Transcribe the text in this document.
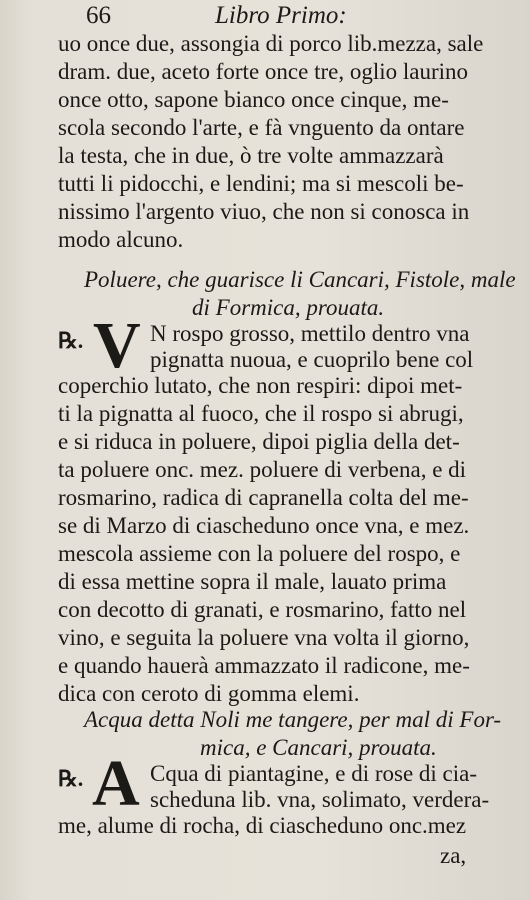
66	Libro Primo:
uo once due, assongia di porco lib.mezza, sale
dram. due, aceto forte once tre, oglio laurino
once otto, sapone bianco once cinque, me-
scola secondo l'arte, e fà vnguento da ontare
la testa, che in due, ò tre volte ammazzarà
tutti li pidocchi, e lendini; ma si mescoli be-
nissimo l'argento viuo, che non si conosca in
modo alcuno.
Poluere, che guarisce li Cancari, Fistole, male
di Formica, prouata.
℞. V N rospo grosso, mettilo dentro vna
pignatta nuoua, e cuoprilo bene col
coperchio lutato, che non respiri: dipoi met-
ti la pignatta al fuoco, che il rospo si abrugi,
e si riduca in poluere, dipoi piglia della det-
ta poluere onc. mez. poluere di verbena, e di
rosmarino, radica di capranella colta del me-
se di Marzo di ciascheduno once vna, e mez.
mescola assieme con la poluere del rospo, e
di essa mettine sopra il male, lauato prima
con decotto di granati, e rosmarino, fatto nel
vino, e seguita la poluere vna volta il giorno,
e quando hauerà ammazzato il radicone, me-
dica con ceroto di gomma elemi.
Acqua detta Noli me tangere, per mal di For-
mica, e Cancari, prouata.
℞. A Cqua di piantagine, e di rose di cia-
scheduna lib. vna, solimato, verdera-
me, alume di rocha, di ciascheduno onc.mez
za,
